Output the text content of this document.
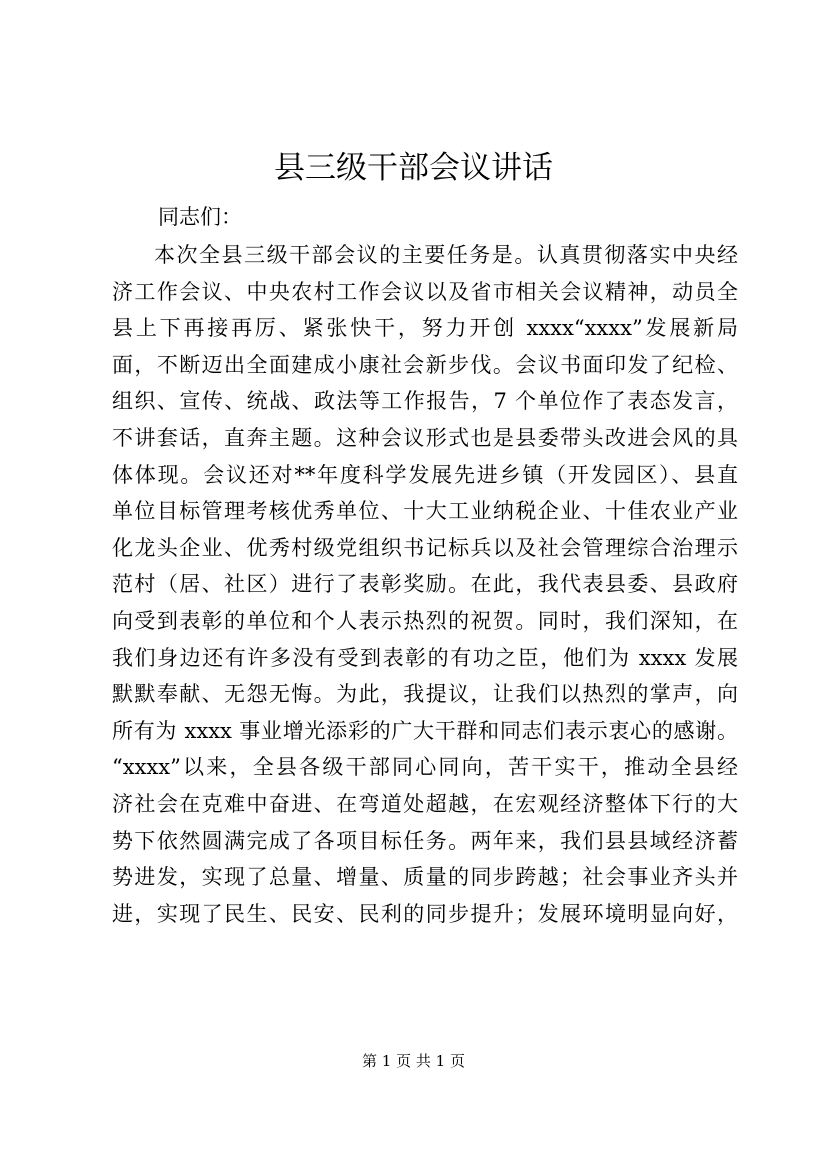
县三级干部会议讲话

同志们：

本次全县三级干部会议的主要任务是。认真贯彻落实中央经
济工作会议、中央农村工作会议以及省市相关会议精神，动员全
县上下再接再厉、紧张快干，努力开创 xxxx“xxxx”发展新局
面，不断迈出全面建成小康社会新步伐。会议书面印发了纪检、
组织、宣传、统战、政法等工作报告，7 个单位作了表态发言，
不讲套话，直奔主题。这种会议形式也是县委带头改进会风的具
体体现。会议还对**年度科学发展先进乡镇（开发园区）、县直
单位目标管理考核优秀单位、十大工业纳税企业、十佳农业产业
化龙头企业、优秀村级党组织书记标兵以及社会管理综合治理示
范村（居、社区）进行了表彰奖励。在此，我代表县委、县政府
向受到表彰的单位和个人表示热烈的祝贺。同时，我们深知，在
我们身边还有许多没有受到表彰的有功之臣，他们为 xxxx 发展
默默奉献、无怨无悔。为此，我提议，让我们以热烈的掌声，向
所有为 xxxx 事业增光添彩的广大干群和同志们表示衷心的感谢。
“xxxx”以来，全县各级干部同心同向，苦干实干，推动全县经
济社会在克难中奋进、在弯道处超越，在宏观经济整体下行的大
势下依然圆满完成了各项目标任务。两年来，我们县县域经济蓄
势进发，实现了总量、增量、质量的同步跨越；社会事业齐头并
进，实现了民生、民安、民利的同步提升；发展环境明显向好，

第 1 页 共 1 页
